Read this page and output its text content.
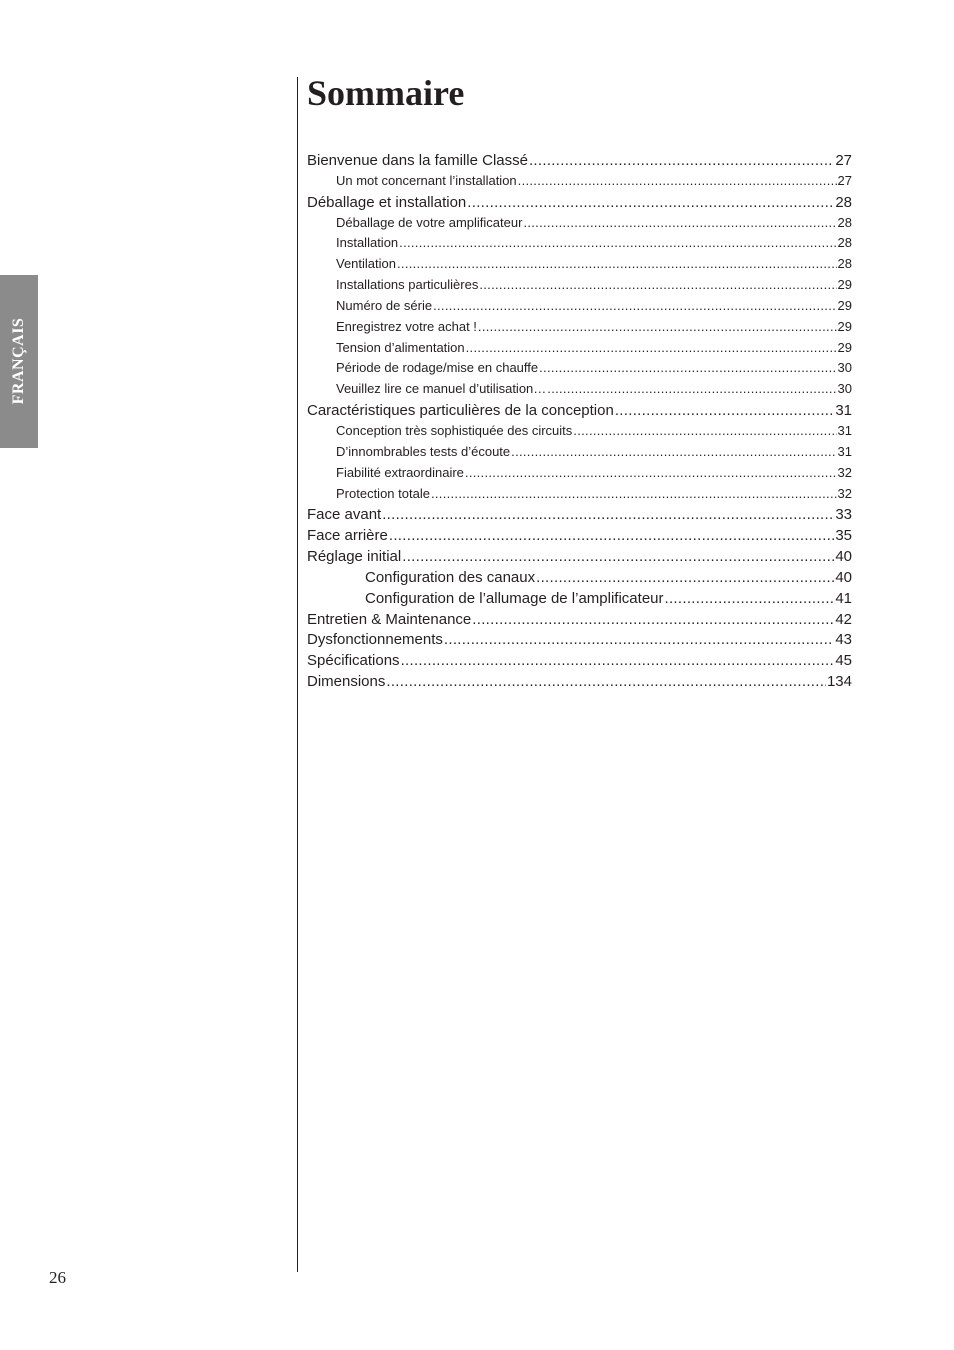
FRANÇAIS
Sommaire
Bienvenue dans la famille Classé .....	27
Un mot concernant l’installation .....	27
Déballage et installation .....	28
Déballage de votre amplificateur .....	28
Installation .....	28
Ventilation .....	28
Installations particulières .....	29
Numéro de série .....	29
Enregistrez votre achat ! .....	29
Tension d’alimentation .....	29
Période de rodage/mise en chauffe .....	30
Veuillez lire ce manuel d’utilisation… .....	30
Caractéristiques particulières de la conception .....	31
Conception très sophistiquée des circuits .....	31
D’innombrables tests d’écoute .....	31
Fiabilité extraordinaire .....	32
Protection totale .....	32
Face avant .....	33
Face arrière .....	35
Réglage initial .....	40
Configuration des canaux .....	40
Configuration de l’allumage de l’amplificateur .....	41
Entretien & Maintenance .....	42
Dysfonctionnements .....	43
Spécifications .....	45
Dimensions .....	134
26
